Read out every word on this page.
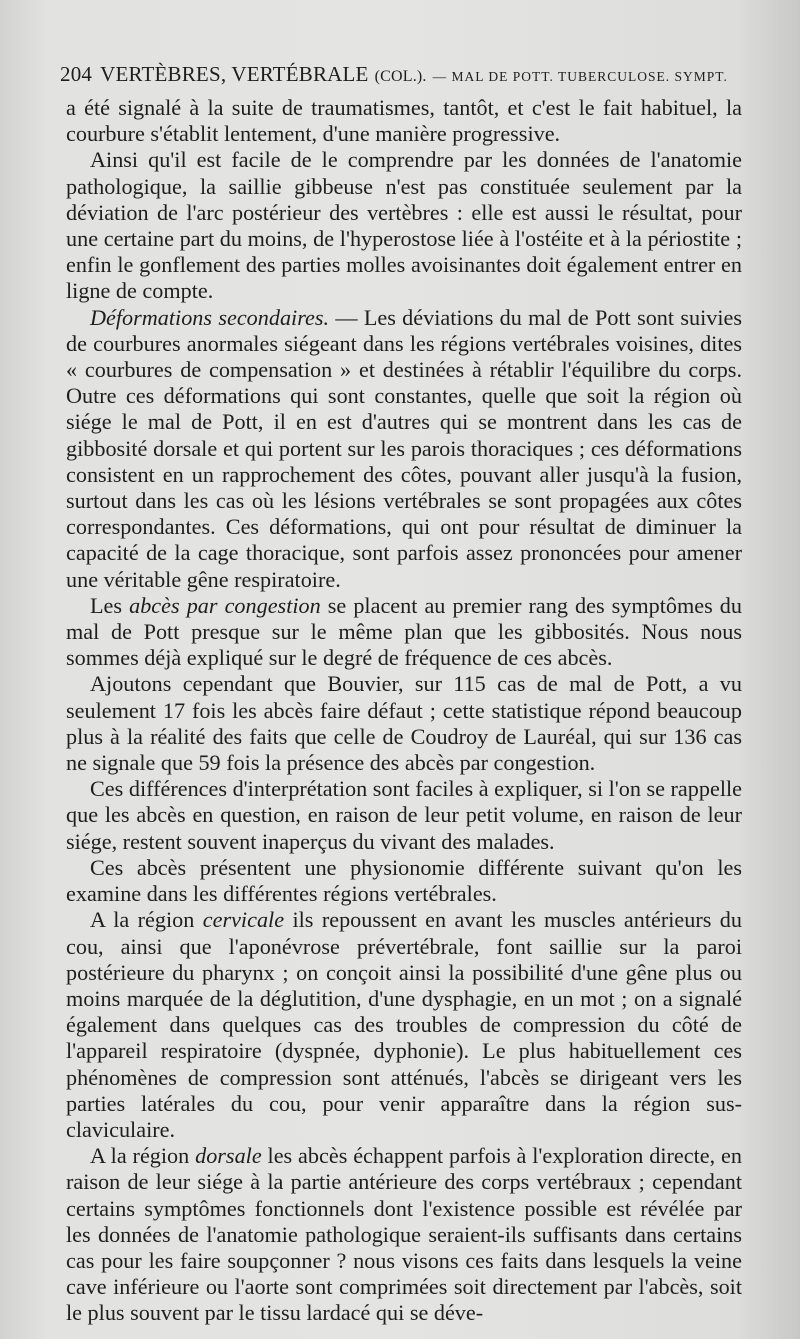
204 VERTÈBRES, VERTÉBRALE (COL.). — MAL DE POTT. TUBERCULOSE. SYMPT.

a été signalé à la suite de traumatismes, tantôt, et c'est le fait habituel, la courbure s'établit lentement, d'une manière progressive.

Ainsi qu'il est facile de le comprendre par les données de l'anatomie pathologique, la saillie gibbeuse n'est pas constituée seulement par la déviation de l'arc postérieur des vertèbres : elle est aussi le résultat, pour une certaine part du moins, de l'hyperostose liée à l'ostéite et à la périostite ; enfin le gonflement des parties molles avoisinantes doit également entrer en ligne de compte.

Déformations secondaires. — Les déviations du mal de Pott sont suivies de courbures anormales siégeant dans les régions vertébrales voisines, dites « courbures de compensation » et destinées à rétablir l'équilibre du corps. Outre ces déformations qui sont constantes, quelle que soit la région où siége le mal de Pott, il en est d'autres qui se montrent dans les cas de gibbosité dorsale et qui portent sur les parois thoraciques ; ces déformations consistent en un rapprochement des côtes, pouvant aller jusqu'à la fusion, surtout dans les cas où les lésions vertébrales se sont propagées aux côtes correspondantes. Ces déformations, qui ont pour résultat de diminuer la capacité de la cage thoracique, sont parfois assez prononcées pour amener une véritable gêne respiratoire.

Les abcès par congestion se placent au premier rang des symptômes du mal de Pott presque sur le même plan que les gibbosités. Nous nous sommes déjà expliqué sur le degré de fréquence de ces abcès.

Ajoutons cependant que Bouvier, sur 115 cas de mal de Pott, a vu seulement 17 fois les abcès faire défaut ; cette statistique répond beaucoup plus à la réalité des faits que celle de Coudroy de Lauréal, qui sur 136 cas ne signale que 59 fois la présence des abcès par congestion.

Ces différences d'interprétation sont faciles à expliquer, si l'on se rappelle que les abcès en question, en raison de leur petit volume, en raison de leur siége, restent souvent inaperçus du vivant des malades.

Ces abcès présentent une physionomie différente suivant qu'on les examine dans les différentes régions vertébrales.

A la région cervicale ils repoussent en avant les muscles antérieurs du cou, ainsi que l'aponévrose prévertébrale, font saillie sur la paroi postérieure du pharynx ; on conçoit ainsi la possibilité d'une gêne plus ou moins marquée de la déglutition, d'une dysphagie, en un mot ; on a signalé également dans quelques cas des troubles de compression du côté de l'appareil respiratoire (dyspnée, dyphonie). Le plus habituellement ces phénomènes de compression sont atténués, l'abcès se dirigeant vers les parties latérales du cou, pour venir apparaître dans la région sus-claviculaire.

A la région dorsale les abcès échappent parfois à l'exploration directe, en raison de leur siége à la partie antérieure des corps vertébraux ; cependant certains symptômes fonctionnels dont l'existence possible est révélée par les données de l'anatomie pathologique seraient-ils suffisants dans certains cas pour les faire soupçonner ? nous visons ces faits dans lesquels la veine cave inférieure ou l'aorte sont comprimées soit directement par l'abcès, soit le plus souvent par le tissu lardacé qui se déve-
